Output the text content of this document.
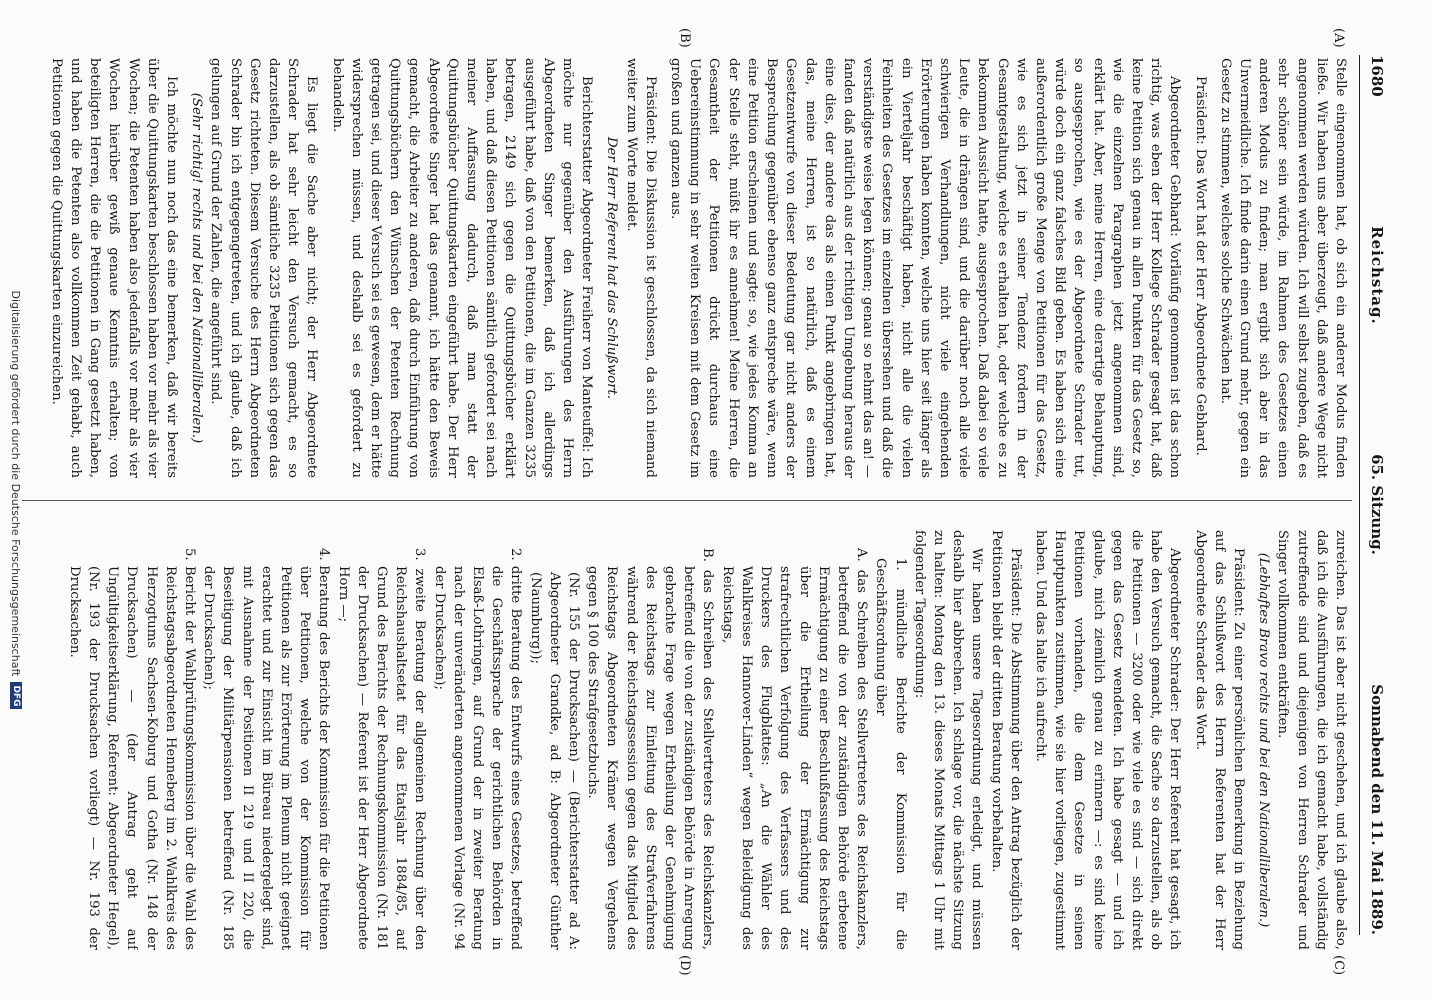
1680
Reichstag.
65. Sitzung.
Sonnabend den 11. Mai 1889.
(A)
(B)
(C)
(D)

Stelle eingenommen hat, ob sich ein anderer Modus finden ließe. Wir haben uns aber überzeugt, daß andere Wege nicht angenommen werden würden. Ich will selbst zugeben, daß es sehr schöner sein würde, im Rahmen des Gesetzes einen anderen Modus zu finden; man ergibt sich aber in das Unvermeidliche. Ich finde darin einen Grund mehr, gegen ein Gesetz zu stimmen, welches solche Schwächen hat.

Präsident: Das Wort hat der Herr Abgeordnete Gebhard.

Abgeordneter Gebhard: Vorläufig genommen ist das schon richtig, was eben der Herr Kollege Schrader gesagt hat, daß keine Petition sich genau in allen Punkten für das Gesetz so, wie die einzelnen Paragraphen jetzt angenommen sind, erklärt hat. Aber, meine Herren, eine derartige Behauptung, so ausgesprochen, wie es der Abgeordnete Schrader tut, würde doch ein ganz falsches Bild geben. Es haben sich eine außerordentlich große Menge von Petitionen für das Gesetz, wie es sich jetzt in seiner Tendenz fordern in der Gesamtgestaltung, welche es erhalten hat, oder welche es zu bekommen Aussicht hatte, ausgesprochen. Daß dabei so viele Leute, die in drängen sind, und die darüber noch alle viele schwierigen Verhandlungen, nicht viele eingehenden Erörterungen haben konnten, welche uns hier seit länger als ein Vierteljahr beschäftigt haben, nicht alle die vielen Feinheiten des Gesetzes im einzelnen übersehen und daß die verständigste weise legen können; genau so nehmt das an! — fanden daß natürlich aus der richtigen Umgebung heraus der eine dies, der andere das als einen Punkt angebringen hat, das, meine Herren, ist so natürlich, daß es einem Gesetzentwurfe von dieser Bedeutung gar nicht anders der Besprechung gegenüber ebenso ganz entspreche wäre, wenn eine Petition erscheinen und sagte: so, wie jedes Komma an der Stelle steht, müßt ihr es annehmen! Meine Herren, die Gesamtheit der Petitionen drückt durchaus eine Uebereinstimmung in sehr weiten Kreisen mit dem Gesetz im großen und ganzen aus.

Präsident: Die Diskussion ist geschlossen, da sich niemand weiter zum Worte meldet.

Der Herr Referent hat das Schlußwort.

Berichterstatter Abgeordneter Freiherr von Manteuffel: Ich möchte nur gegenüber den Ausführungen des Herrn Abgeordneten Singer bemerken, daß ich allerdings ausgeführt habe, daß von den Petitionen, die im Ganzen 3235 betragen, 2149 sich gegen die Quittungsbücher erklärt haben, und daß diesen Petitionen sämtlich gefordert sei nach meiner Auffassung dadurch, daß man statt der Quittungsbücher Quittungskarten eingeführt habe. Der Herr Abgeordnete Singer hat das genannt, ich hätte den Beweis gemacht, die Arbeiter zu anderen, daß durch Einführung von Quittungsbüchern den Wünschen der Petenten Rechnung getragen sei, und dieser Versuch sei es gewesen, dem er hätte widersprechen müssen, und deshalb sei es gefordert zu behandeln.

Es liegt die Sache aber nicht; der Herr Abgeordnete Schrader hat sehr leicht den Versuch gemacht, es so darzustellen, als ob sämtliche 3235 Petitionen sich gegen das Gesetz richteten. Diesem Versuche des Herrn Abgeordneten Schrader bin ich entgegengetreten, und ich glaube, daß ich gelungen auf Grund der Zahlen, die angeführt sind.

(Sehr richtig! rechts und bei den Nationalliberalen.)

Ich möchte nun noch das eine bemerken, daß wir bereits über die Quittungskarten beschlossen haben vor mehr als vier Wochen; die Petenten haben also jedenfalls vor mehr als vier Wochen hierüber gewiß genaue Kenntnis erhalten; von beteiligten Herren, die die Petitionen in Gang gesetzt haben, und haben die Petenten also vollkommen Zeit gehabt, auch Petitionen gegen die Quittungskarten einzureichen.

zureichen. Das ist aber nicht geschehen, und ich glaube also, daß ich die Ausführungen, die ich gemacht habe, vollständig zutreffende sind und diejenigen von Herren Schrader und Singer vollkommen entkräften.

(Lebhaftes Bravo rechts und bei den Nationalliberalen.)

Präsident: Zu einer persönlichen Bemerkung in Beziehung auf das Schlußwort des Herrn Referenten hat der Herr Abgeordnete Schrader das Wort.

Abgeordneter Schrader: Der Herr Referent hat gesagt, ich habe den Versuch gemacht, die Sache so darzustellen, als ob die Petitionen — 3200 oder wie viele es sind — sich direkt gegen das Gesetz wendeten. Ich habe gesagt — und ich glaube, mich ziemlich genau zu erinnern —: es sind keine Petitionen vorhanden, die dem Gesetze in seinen Hauptpunkten zustimmen, wie sie hier vorliegen, zugestimmt haben. Und das halte ich aufrecht.

Präsident: Die Abstimmung über den Antrag bezüglich der Petitionen bleibt der dritten Beratung vorbehalten.

Wir haben unsere Tagesordnung erledigt, und müssen deshalb hier abbrechen. Ich schlage vor, die nächste Sitzung zu halten: Montag den 13. dieses Monats Mittags 1 Uhr mit folgender Tagesordnung:

1. mündliche Berichte der Kommission für die Geschäftsordnung über

A. das Schreiben des Stellvertreters des Reichskanzlers, betreffend die von der zuständigen Behörde erbetene Ermächtigung zu einer Beschlußfassung des Reichstags über die Ertheilung der Ermächtigung zur strafrechtlichen Verfolgung des Verfassers und des Druckers des Flugblattes: „An die Wähler des Wahlkreises Hannover-Linden“ wegen Beleidigung des Reichstags,

B. das Schreiben des Stellvertreters des Reichskanzlers, betreffend die von der zuständigen Behörde in Anregung gebrachte Frage wegen Ertheilung der Genehmigung des Reichstags zur Einleitung des Strafverfahrens während der Reichstagssession gegen das Mitglied des Reichstags Abgeordneten Krämer wegen Vergehens gegen § 100 des Strafgesetzbuchs.

(Nr. 155 der Drucksachen) — (Berichterstatter ad A: Abgeordneter Grandke, ad B: Abgeordneter Günther (Naumburg));

2. dritte Beratung des Entwurfs eines Gesetzes, betreffend die Geschäftssprache der gerichtlichen Behörden in Elsaß-Lothringen, auf Grund der in zweiter Beratung nach der unveränderten angenommenen Vorlage (Nr. 94 der Drucksachen);

3. zweite Beratung der allgemeinen Rechnung über den Reichshaushaltsetat für das Etatsjahr 1884/85, auf Grund des Berichts der Rechnungskommission (Nr. 181 der Drucksachen) — Referent ist der Herr Abgeordnete Horn —;

4. Beratung des Berichts der Kommission für die Petitionen über Petitionen, welche von der Kommission für Petitionen als zur Erörterung im Plenum nicht geeignet erachtet und zur Einsicht im Büreau niedergelegt sind, mit Ausnahme der Positionen II 219 und II 220, die Beseitigung der Militärpensionen betreffend (Nr. 185 der Drucksachen);

5. Bericht der Wahlprüfungskommission über die Wahl des Reichstagsabgeordneten Henneberg im 2. Wahlkreis des Herzogtums Sachsen-Koburg und Gotha (Nr. 148 der Drucksachen) — (der Antrag geht auf Ungültigkeitserklärung, Referent: Abgeordneter Hegel), (Nr. 193 der Drucksachen vorliegt) — Nr. 193 der Drucksachen.

Digitalisierung gefördert durch die Deutsche Forschungsgemeinschaft
DFG
